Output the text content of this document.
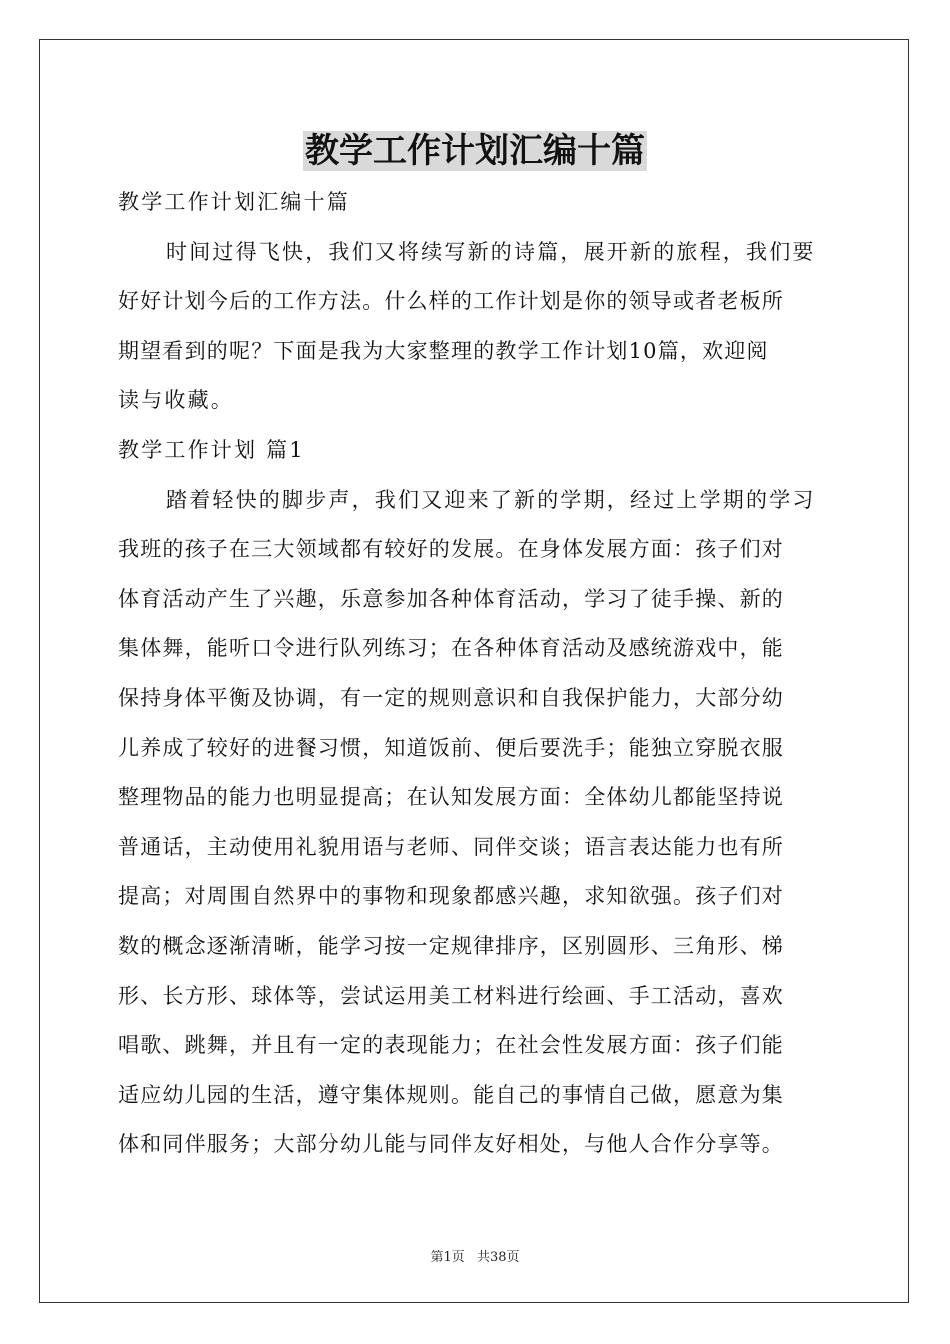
教学工作计划汇编十篇

教学工作计划汇编十篇

时间过得飞快，我们又将续写新的诗篇，展开新的旅程，我们要

好好计划今后的工作方法。什么样的工作计划是你的领导或者老板所

期望看到的呢？下面是我为大家整理的教学工作计划10篇，欢迎阅

读与收藏。

教学工作计划 篇1

踏着轻快的脚步声，我们又迎来了新的学期，经过上学期的学习

我班的孩子在三大领域都有较好的发展。在身体发展方面：孩子们对

体育活动产生了兴趣，乐意参加各种体育活动，学习了徒手操、新的

集体舞，能听口令进行队列练习；在各种体育活动及感统游戏中，能

保持身体平衡及协调，有一定的规则意识和自我保护能力，大部分幼

儿养成了较好的进餐习惯，知道饭前、便后要洗手；能独立穿脱衣服

整理物品的能力也明显提高；在认知发展方面：全体幼儿都能坚持说

普通话，主动使用礼貌用语与老师、同伴交谈；语言表达能力也有所

提高；对周围自然界中的事物和现象都感兴趣，求知欲强。孩子们对

数的概念逐渐清晰，能学习按一定规律排序，区别圆形、三角形、梯

形、长方形、球体等，尝试运用美工材料进行绘画、手工活动，喜欢

唱歌、跳舞，并且有一定的表现能力；在社会性发展方面：孩子们能

适应幼儿园的生活，遵守集体规则。能自己的事情自己做，愿意为集

体和同伴服务；大部分幼儿能与同伴友好相处，与他人合作分享等。

第1页 共38页
